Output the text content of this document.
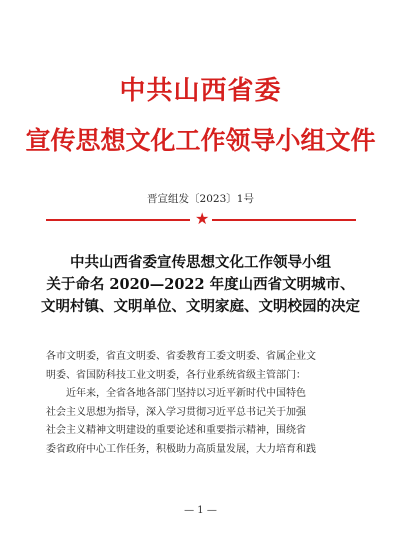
中共山西省委
宣传思想文化工作领导小组文件
晋宣组发〔2023〕1号
★
中共山西省委宣传思想文化工作领导小组
关于命名 2020—2022 年度山西省文明城市、
文明村镇、文明单位、文明家庭、文明校园的决定
各市文明委，省直文明委、省委教育工委文明委、省属企业文
明委、省国防科技工业文明委，各行业系统省级主管部门：
近年来，全省各地各部门坚持以习近平新时代中国特色
社会主义思想为指导，深入学习贯彻习近平总书记关于加强
社会主义精神文明建设的重要论述和重要指示精神，围绕省
委省政府中心工作任务，积极助力高质量发展，大力培育和践
— 1 —
